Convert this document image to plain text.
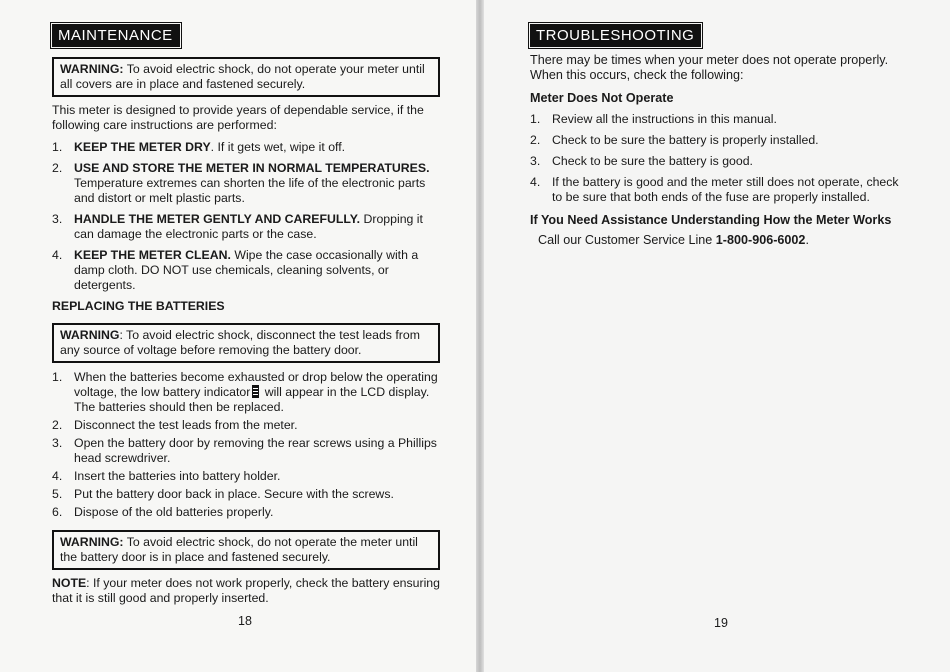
MAINTENANCE
WARNING: To avoid electric shock, do not operate your meter until all covers are in place and fastened securely.

This meter is designed to provide years of dependable service, if the following care instructions are performed:

1. KEEP THE METER DRY. If it gets wet, wipe it off.
2. USE AND STORE THE METER IN NORMAL TEMPERATURES. Temperature extremes can shorten the life of the electronic parts and distort or melt plastic parts.
3. HANDLE THE METER GENTLY AND CAREFULLY. Dropping it can damage the electronic parts or the case.
4. KEEP THE METER CLEAN. Wipe the case occasionally with a damp cloth. DO NOT use chemicals, cleaning solvents, or detergents.
REPLACING THE BATTERIES
WARNING: To avoid electric shock, disconnect the test leads from any source of voltage before removing the battery door.
1. When the batteries become exhausted or drop below the operating voltage, the low battery indicator will appear in the LCD display. The batteries should then be replaced.
2. Disconnect the test leads from the meter.
3. Open the battery door by removing the rear screws using a Phillips head screwdriver.
4. Insert the batteries into battery holder.
5. Put the battery door back in place. Secure with the screws.
6. Dispose of the old batteries properly.
WARNING: To avoid electric shock, do not operate the meter until the battery door is in place and fastened securely.

NOTE: If your meter does not work properly, check the battery ensuring that it is still good and properly inserted.

18
TROUBLESHOOTING

There may be times when your meter does not operate properly. When this occurs, check the following:

Meter Does Not Operate
1. Review all the instructions in this manual.
2. Check to be sure the battery is properly installed.
3. Check to be sure the battery is good.
4. If the battery is good and the meter still does not operate, check to be sure that both ends of the fuse are properly installed.
If You Need Assistance Understanding How the Meter Works

Call our Customer Service Line 1-800-906-6002.

19
